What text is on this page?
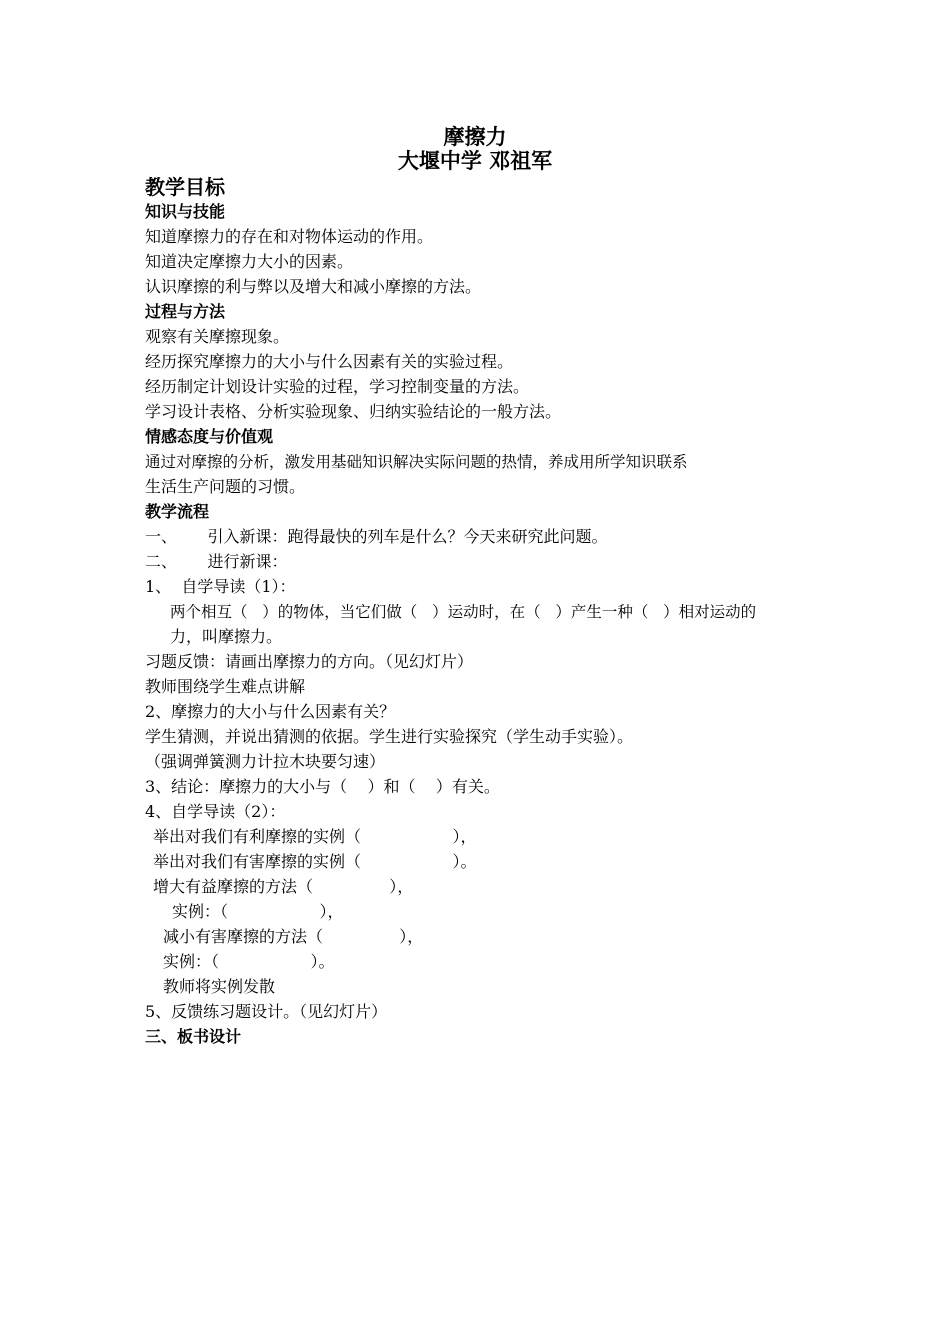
摩擦力
大堰中学 邓祖军
教学目标
知识与技能
知道摩擦力的存在和对物体运动的作用。
知道决定摩擦力大小的因素。
认识摩擦的利与弊以及增大和减小摩擦的方法。
过程与方法
观察有关摩擦现象。
经历探究摩擦力的大小与什么因素有关的实验过程。
经历制定计划设计实验的过程，学习控制变量的方法。
学习设计表格、分析实验现象、归纳实验结论的一般方法。
情感态度与价值观
通过对摩擦的分析，激发用基础知识解决实际问题的热情，养成用所学知识联系
生活生产问题的习惯。
教学流程
一、      引入新课：跑得最快的列车是什么？今天来研究此问题。
二、      进行新课：
1、  自学导读（1）：
两个相互（   ）的物体，当它们做（   ）运动时，在（   ）产生一种（   ）相对运动的
力，叫摩擦力。
习题反馈：请画出摩擦力的方向。（见幻灯片）
教师围绕学生难点讲解
2、摩擦力的大小与什么因素有关？
学生猜测，并说出猜测的依据。学生进行实验探究（学生动手实验）。
（强调弹簧测力计拉木块要匀速）
3、结论：摩擦力的大小与（    ）和（    ）有关。
4、自学导读（2）：
举出对我们有利摩擦的实例（                  ），
举出对我们有害摩擦的实例（                  ）。
增大有益摩擦的方法（               ），
实例：（                  ），
减小有害摩擦的方法（               ），
实例：（                  ）。
教师将实例发散
5、反馈练习题设计。（见幻灯片）
三、板书设计
